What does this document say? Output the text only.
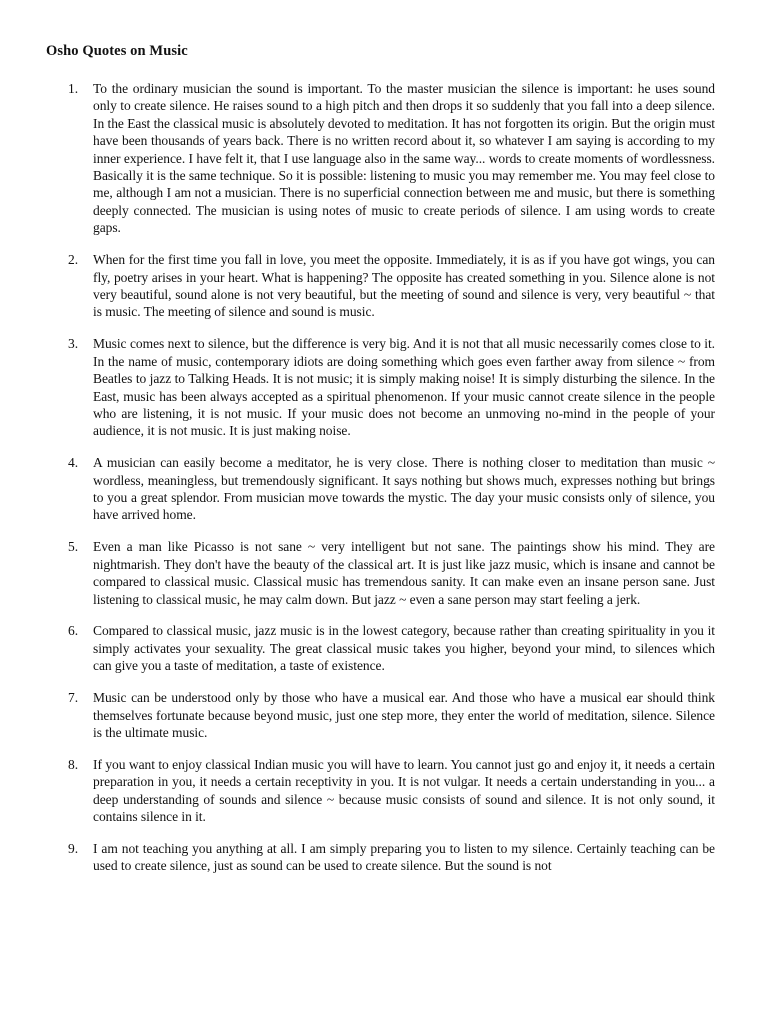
Osho Quotes on Music
1. To the ordinary musician the sound is important. To the master musician the silence is important: he uses sound only to create silence. He raises sound to a high pitch and then drops it so suddenly that you fall into a deep silence. In the East the classical music is absolutely devoted to meditation. It has not forgotten its origin. But the origin must have been thousands of years back. There is no written record about it, so whatever I am saying is according to my inner experience. I have felt it, that I use language also in the same way... words to create moments of wordlessness. Basically it is the same technique. So it is possible: listening to music you may remember me. You may feel close to me, although I am not a musician. There is no superficial connection between me and music, but there is something deeply connected. The musician is using notes of music to create periods of silence. I am using words to create gaps.
2. When for the first time you fall in love, you meet the opposite. Immediately, it is as if you have got wings, you can fly, poetry arises in your heart. What is happening? The opposite has created something in you. Silence alone is not very beautiful, sound alone is not very beautiful, but the meeting of sound and silence is very, very beautiful ~ that is music. The meeting of silence and sound is music.
3. Music comes next to silence, but the difference is very big. And it is not that all music necessarily comes close to it. In the name of music, contemporary idiots are doing something which goes even farther away from silence ~ from Beatles to jazz to Talking Heads. It is not music; it is simply making noise! It is simply disturbing the silence. In the East, music has been always accepted as a spiritual phenomenon. If your music cannot create silence in the people who are listening, it is not music. If your music does not become an unmoving no-mind in the people of your audience, it is not music. It is just making noise.
4. A musician can easily become a meditator, he is very close. There is nothing closer to meditation than music ~ wordless, meaningless, but tremendously significant. It says nothing but shows much, expresses nothing but brings to you a great splendor. From musician move towards the mystic. The day your music consists only of silence, you have arrived home.
5. Even a man like Picasso is not sane ~ very intelligent but not sane. The paintings show his mind. They are nightmarish. They don't have the beauty of the classical art. It is just like jazz music, which is insane and cannot be compared to classical music. Classical music has tremendous sanity. It can make even an insane person sane. Just listening to classical music, he may calm down. But jazz ~ even a sane person may start feeling a jerk.
6. Compared to classical music, jazz music is in the lowest category, because rather than creating spirituality in you it simply activates your sexuality. The great classical music takes you higher, beyond your mind, to silences which can give you a taste of meditation, a taste of existence.
7. Music can be understood only by those who have a musical ear. And those who have a musical ear should think themselves fortunate because beyond music, just one step more, they enter the world of meditation, silence. Silence is the ultimate music.
8. If you want to enjoy classical Indian music you will have to learn. You cannot just go and enjoy it, it needs a certain preparation in you, it needs a certain receptivity in you. It is not vulgar. It needs a certain understanding in you... a deep understanding of sounds and silence ~ because music consists of sound and silence. It is not only sound, it contains silence in it.
9. I am not teaching you anything at all. I am simply preparing you to listen to my silence. Certainly teaching can be used to create silence, just as sound can be used to create silence. But the sound is not
